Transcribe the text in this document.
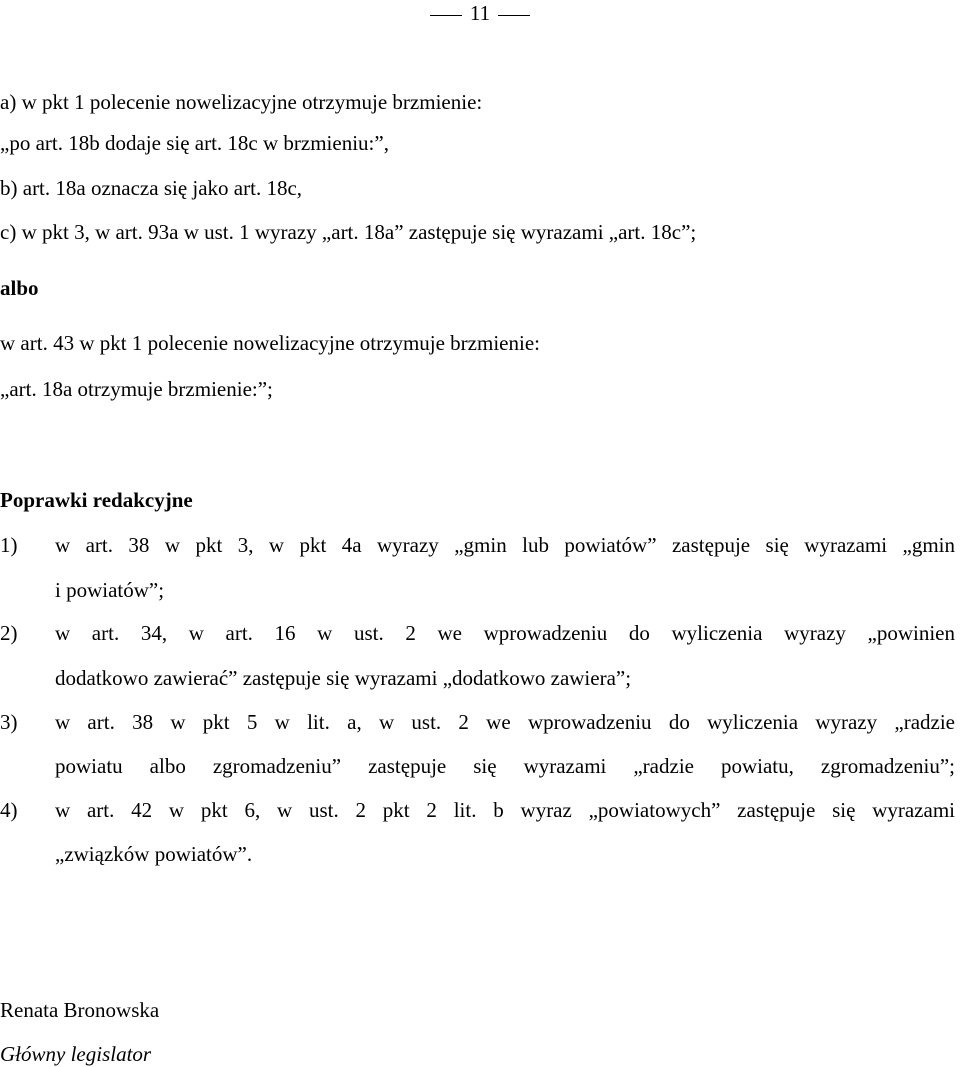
11
a) w pkt 1 polecenie nowelizacyjne otrzymuje brzmienie:
„po art. 18b dodaje się art. 18c w brzmieniu:”,
b) art. 18a oznacza się jako art. 18c,
c) w pkt 3, w art. 93a w ust. 1 wyrazy „art. 18a” zastępuje się wyrazami „art. 18c”;
albo
w art. 43 w pkt 1 polecenie nowelizacyjne otrzymuje brzmienie:
„art. 18a otrzymuje brzmienie:”;
Poprawki redakcyjne
1) w art. 38 w pkt 3, w pkt 4a wyrazy „gmin lub powiatów” zastępuje się wyrazami „gmin
i powiatów”;
2) w art. 34, w art. 16 w ust. 2 we wprowadzeniu do wyliczenia wyrazy „powinien
dodatkowo zawierać” zastępuje się wyrazami „dodatkowo zawiera”;
3) w art. 38 w pkt 5 w lit. a, w ust. 2 we wprowadzeniu do wyliczenia wyrazy „radzie
powiatu albo zgromadzeniu” zastępuje się wyrazami „radzie powiatu, zgromadzeniu”;
4) w art. 42 w pkt 6, w ust. 2 pkt 2 lit. b wyraz „powiatowych” zastępuje się wyrazami
„związków powiatów”.
Renata Bronowska
Główny legislator
